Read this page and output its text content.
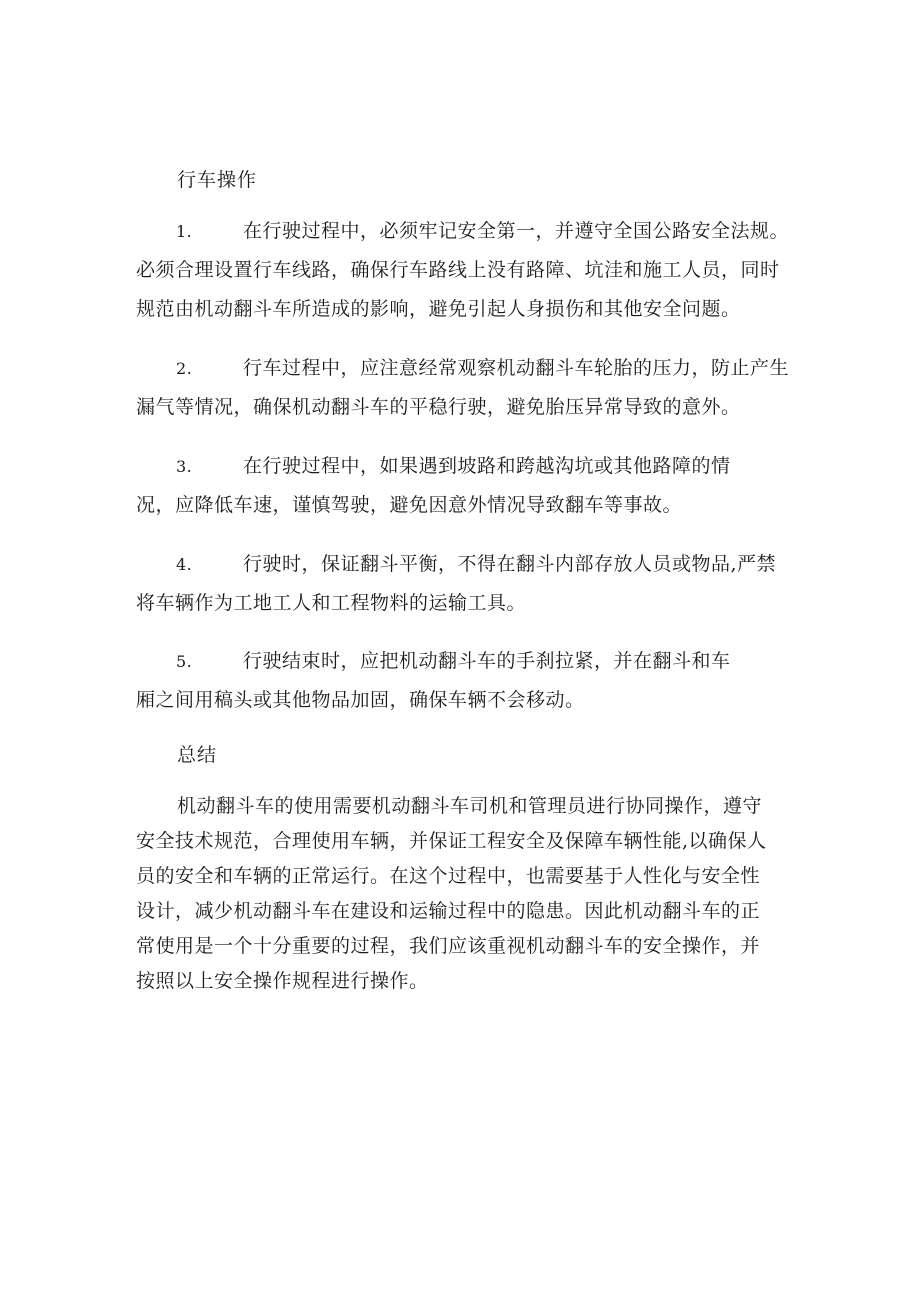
行车操作
1.	在行驶过程中，必须牢记安全第一，并遵守全国公路安全法规。
必须合理设置行车线路，确保行车路线上没有路障、坑洼和施工人员，同时
规范由机动翻斗车所造成的影响，避免引起人身损伤和其他安全问题。
2.	行车过程中，应注意经常观察机动翻斗车轮胎的压力，防止产生
漏气等情况，确保机动翻斗车的平稳行驶，避免胎压异常导致的意外。
3.	在行驶过程中，如果遇到坡路和跨越沟坑或其他路障的情
况，应降低车速，谨慎驾驶，避免因意外情况导致翻车等事故。
4.	行驶时，保证翻斗平衡，不得在翻斗内部存放人员或物品,严禁
将车辆作为工地工人和工程物料的运输工具。
5.	行驶结束时，应把机动翻斗车的手刹拉紧，并在翻斗和车
厢之间用稿头或其他物品加固，确保车辆不会移动。
总结
机动翻斗车的使用需要机动翻斗车司机和管理员进行协同操作，遵守
安全技术规范，合理使用车辆，并保证工程安全及保障车辆性能,以确保人
员的安全和车辆的正常运行。在这个过程中，也需要基于人性化与安全性
设计，减少机动翻斗车在建设和运输过程中的隐患。因此机动翻斗车的正
常使用是一个十分重要的过程，我们应该重视机动翻斗车的安全操作，并
按照以上安全操作规程进行操作。
